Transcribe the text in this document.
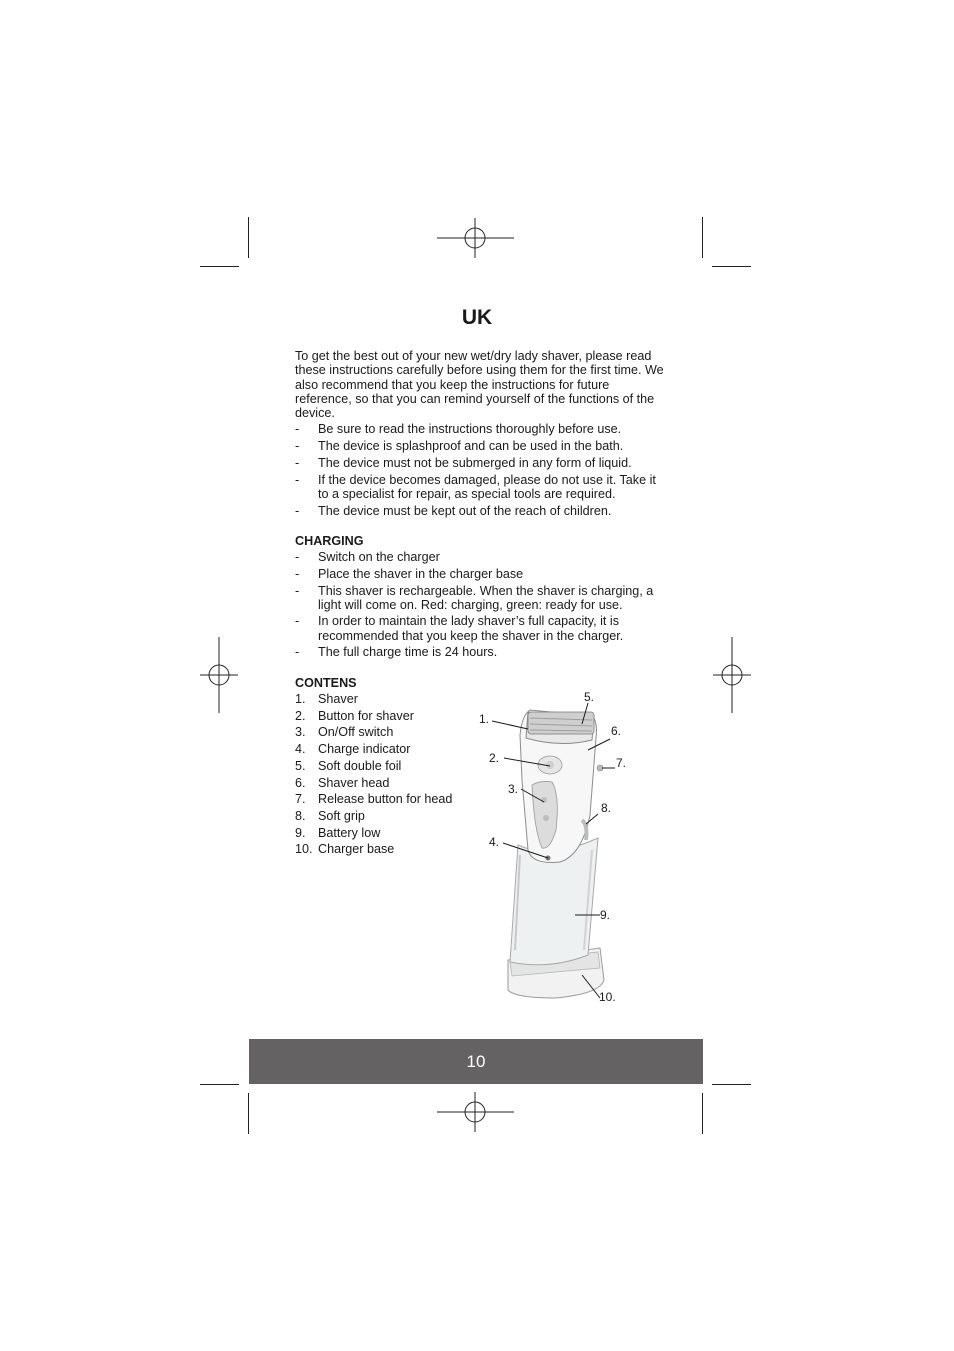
UK

To get the best out of your new wet/dry lady shaver, please read these instructions carefully before using them for the first time. We also recommend that you keep the instructions for future reference, so that you can remind yourself of the functions of the device.

- Be sure to read the instructions thoroughly before use.
- The device is splashproof and can be used in the bath.
- The device must not be submerged in any form of liquid.
- If the device becomes damaged, please do not use it. Take it to a specialist for repair, as special tools are required.
- The device must be kept out of the reach of children.
CHARGING
- Switch on the charger
- Place the shaver in the charger base
- This shaver is rechargeable. When the shaver is charging, a light will come on. Red: charging, green: ready for use.
- In order to maintain the lady shaver’s full capacity, it is recommended that you keep the shaver in the charger.
- The full charge time is 24 hours.
CONTENS
1. Shaver
2. Button for shaver
3. On/Off switch
4. Charge indicator
5. Soft double foil
6. Shaver head
7. Release button for head
8. Soft grip
9. Battery low
10. Charger base
1.
2.
3.
4.
5.
6.
7.
8.
9.
10.
10
